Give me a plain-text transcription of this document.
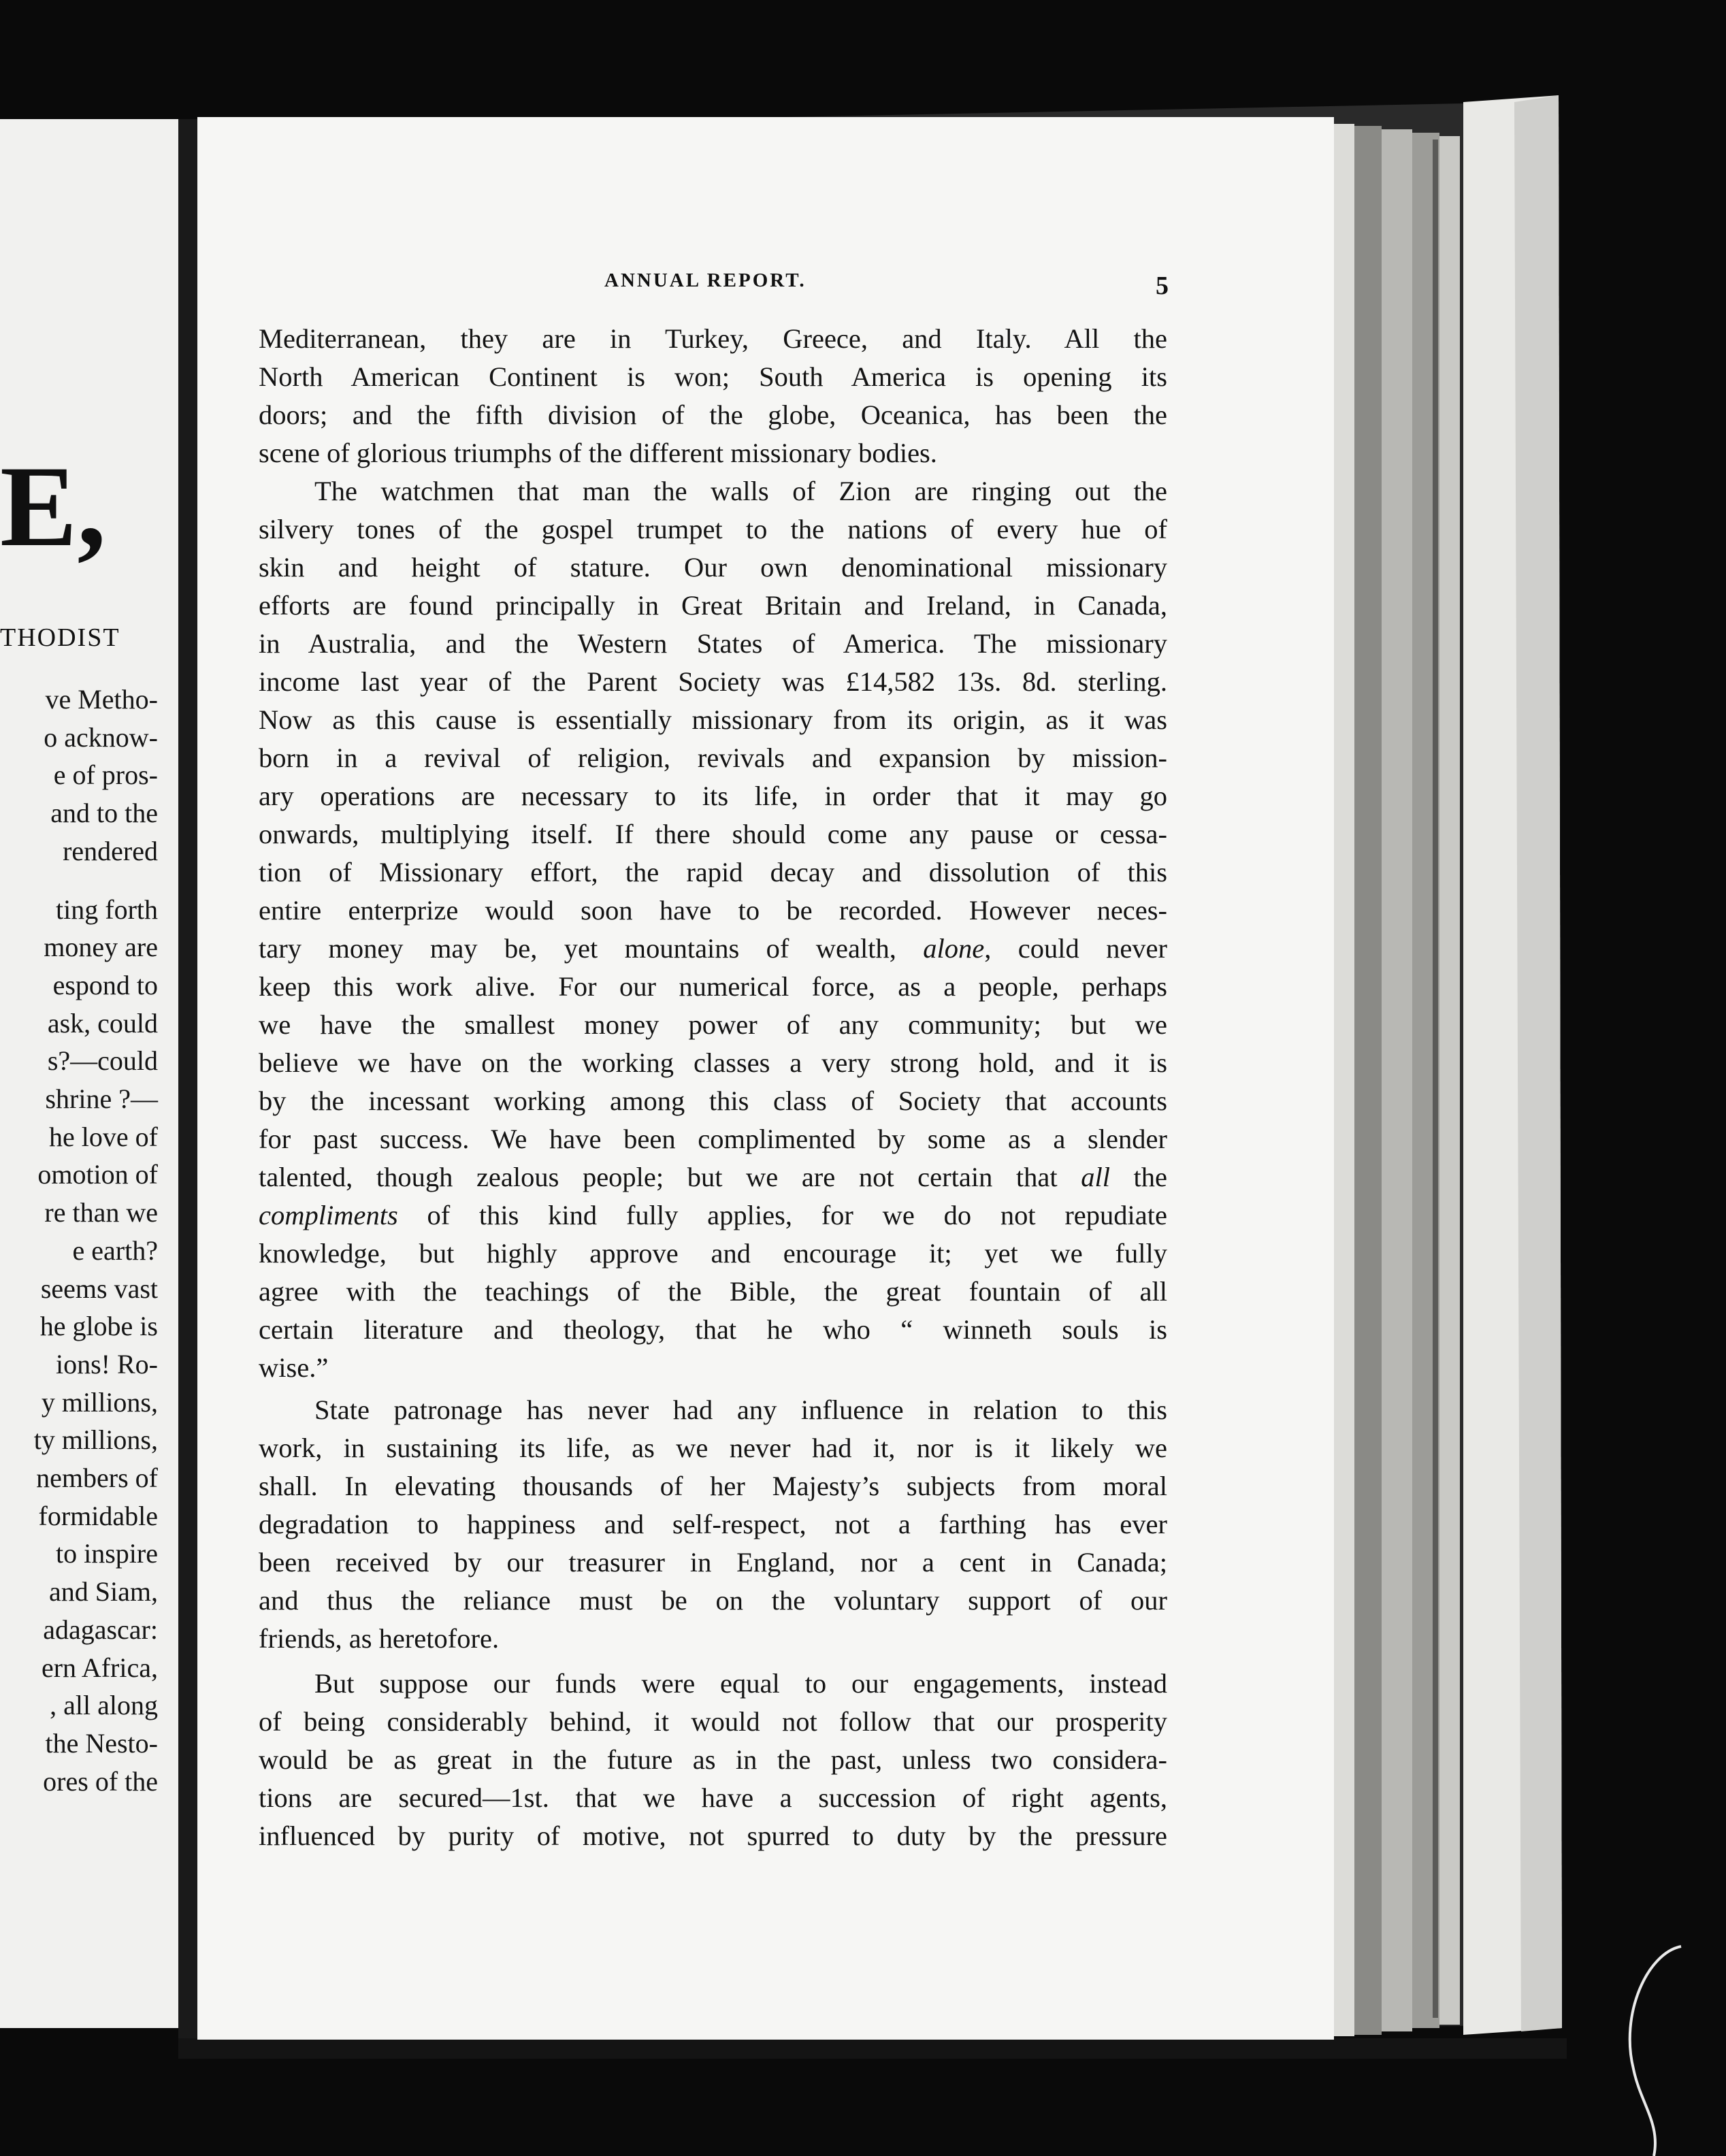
E,
THODIST
ve Metho-
o acknow-
e of pros-
and to the
rendered
ting forth
money are
espond to
ask, could
s?—could
shrine ?—
he love of
omotion of
re than we
e earth?
seems vast
he globe is
ions! Ro-
y millions,
ty millions,
nembers of
formidable
to inspire
and Siam,
adagascar:
ern Africa,
, all along
the Nesto-
ores of the
ANNUAL REPORT.	5
Mediterranean, they are in Turkey, Greece, and Italy. All the
North American Continent is won; South America is opening its
doors; and the fifth division of the globe, Oceanica, has been the
scene of glorious triumphs of the different missionary bodies.
The watchmen that man the walls of Zion are ringing out the
silvery tones of the gospel trumpet to the nations of every hue of
skin and height of stature. Our own denominational missionary
efforts are found principally in Great Britain and Ireland, in Canada,
in Australia, and the Western States of America. The missionary
income last year of the Parent Society was £14,582 13s. 8d. sterling.
Now as this cause is essentially missionary from its origin, as it was
born in a revival of religion, revivals and expansion by mission-
ary operations are necessary to its life, in order that it may go
onwards, multiplying itself. If there should come any pause or cessa-
tion of Missionary effort, the rapid decay and dissolution of this
entire enterprize would soon have to be recorded. However neces-
tary money may be, yet mountains of wealth, alone, could never
keep this work alive. For our numerical force, as a people, perhaps
we have the smallest money power of any community; but we
believe we have on the working classes a very strong hold, and it is
by the incessant working among this class of Society that accounts
for past success. We have been complimented by some as a slender
talented, though zealous people; but we are not certain that all the
compliments of this kind fully applies, for we do not repudiate
knowledge, but highly approve and encourage it; yet we fully
agree with the teachings of the Bible, the great fountain of all
certain literature and theology, that he who “ winneth souls is
wise.”
State patronage has never had any influence in relation to this
work, in sustaining its life, as we never had it, nor is it likely we
shall. In elevating thousands of her Majesty’s subjects from moral
degradation to happiness and self-respect, not a farthing has ever
been received by our treasurer in England, nor a cent in Canada;
and thus the reliance must be on the voluntary support of our
friends, as heretofore.
But suppose our funds were equal to our engagements, instead
of being considerably behind, it would not follow that our prosperity
would be as great in the future as in the past, unless two considera-
tions are secured—1st. that we have a succession of right agents,
influenced by purity of motive, not spurred to duty by the pressure
